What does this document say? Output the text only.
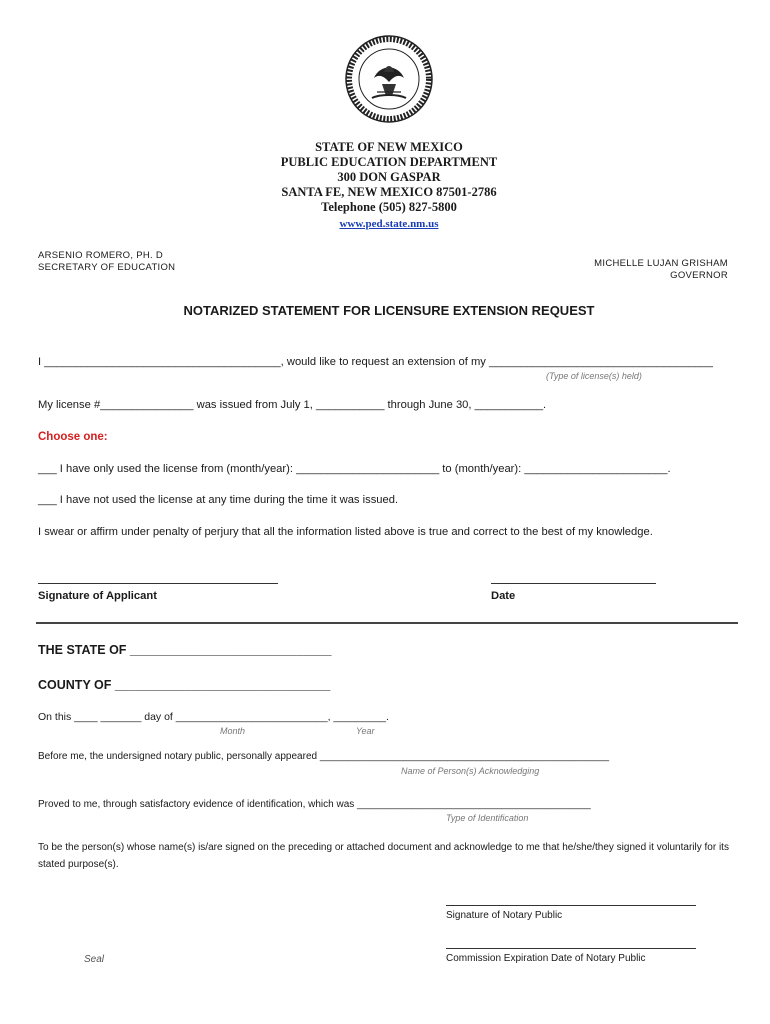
STATE OF NEW MEXICO
PUBLIC EDUCATION DEPARTMENT
300 DON GASPAR
SANTA FE, NEW MEXICO 87501-2786
Telephone (505) 827-5800
www.ped.state.nm.us
ARSENIO ROMERO, PH. D
SECRETARY OF EDUCATION	MICHELLE LUJAN GRISHAM
GOVERNOR
NOTARIZED STATEMENT FOR LICENSURE EXTENSION REQUEST
I ______________________________________, would like to request an extension of my ____________________________________
(Type of license(s) held)
My license #_______________ was issued from July 1, ___________ through June 30, ___________.
Choose one:
___ I have only used the license from (month/year): _______________________ to (month/year): _______________________.
___ I have not used the license at any time during the time it was issued.
I swear or affirm under penalty of perjury that all the information listed above is true and correct to the best of my knowledge.
Signature of Applicant	Date
THE STATE OF _____________________________
COUNTY OF _______________________________
On this ____ _______ day of __________________________, _________.
Month	Year
Before me, the undersigned notary public, personally appeared ____________________________________________________
Name of Person(s) Acknowledging
Proved to me, through satisfactory evidence of identification, which was __________________________________________
Type of Identification
To be the person(s) whose name(s) is/are signed on the preceding or attached document and acknowledge to me that he/she/they signed it voluntarily for its stated purpose(s).
Signature of Notary Public
Seal	Commission Expiration Date of Notary Public
